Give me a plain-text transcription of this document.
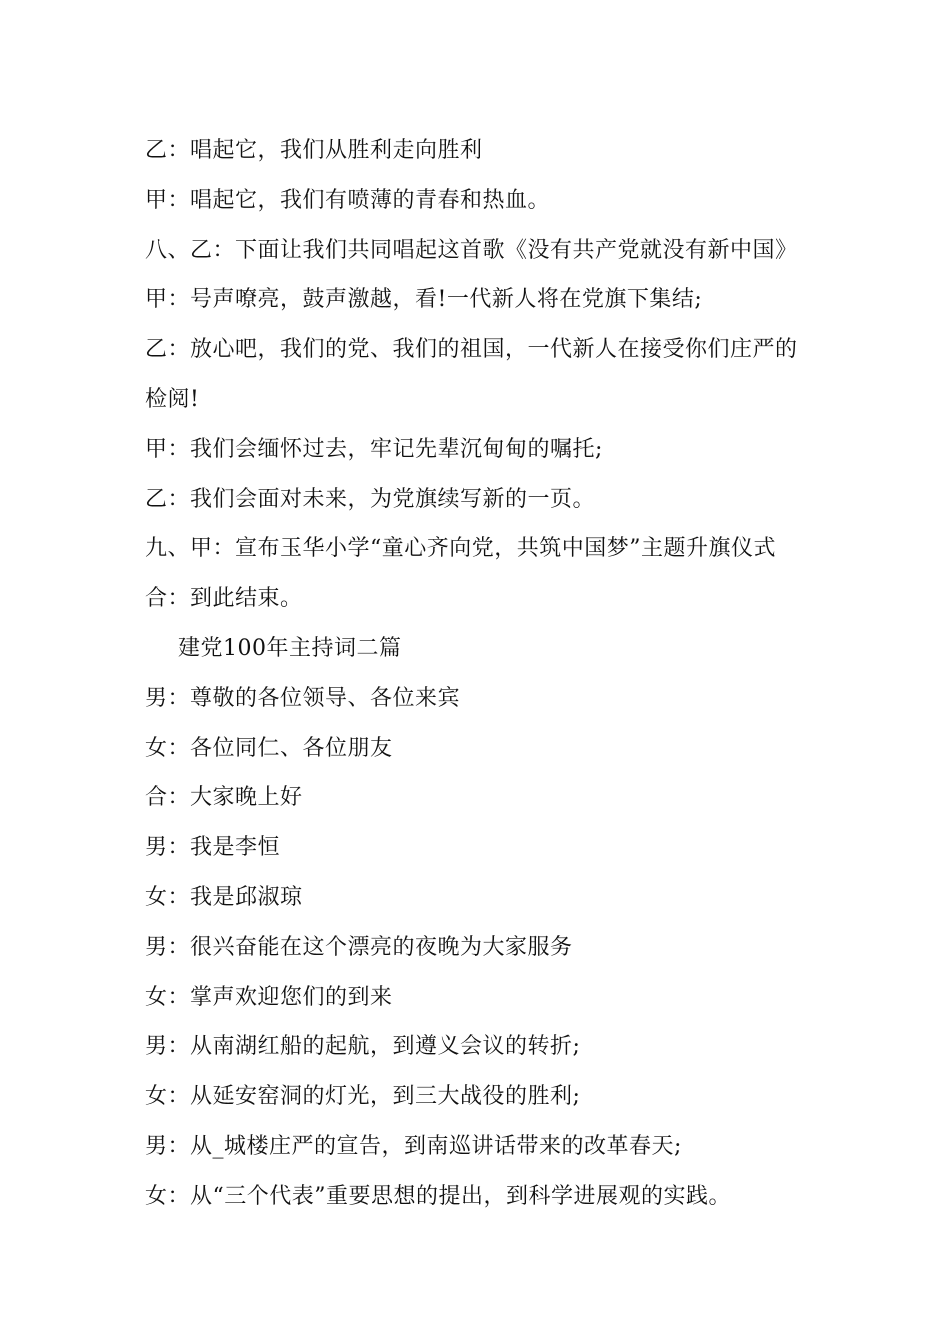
乙：唱起它，我们从胜利走向胜利
甲：唱起它，我们有喷薄的青春和热血。
八、乙：下面让我们共同唱起这首歌《没有共产党就没有新中国》
甲：号声嘹亮，鼓声激越，看!一代新人将在党旗下集结;
乙：放心吧，我们的党、我们的祖国，一代新人在接受你们庄严的
检阅!
甲：我们会缅怀过去，牢记先辈沉甸甸的嘱托;
乙：我们会面对未来，为党旗续写新的一页。
九、甲：宣布玉华小学“童心齐向党，共筑中国梦”主题升旗仪式
合：到此结束。
建党100年主持词二篇
男：尊敬的各位领导、各位来宾
女：各位同仁、各位朋友
合：大家晚上好
男：我是李恒
女：我是邱淑琼
男：很兴奋能在这个漂亮的夜晚为大家服务
女：掌声欢迎您们的到来
男：从南湖红船的起航，到遵义会议的转折;
女：从延安窑洞的灯光，到三大战役的胜利;
男：从_城楼庄严的宣告，到南巡讲话带来的改革春天;
女：从“三个代表”重要思想的提出，到科学进展观的实践。
